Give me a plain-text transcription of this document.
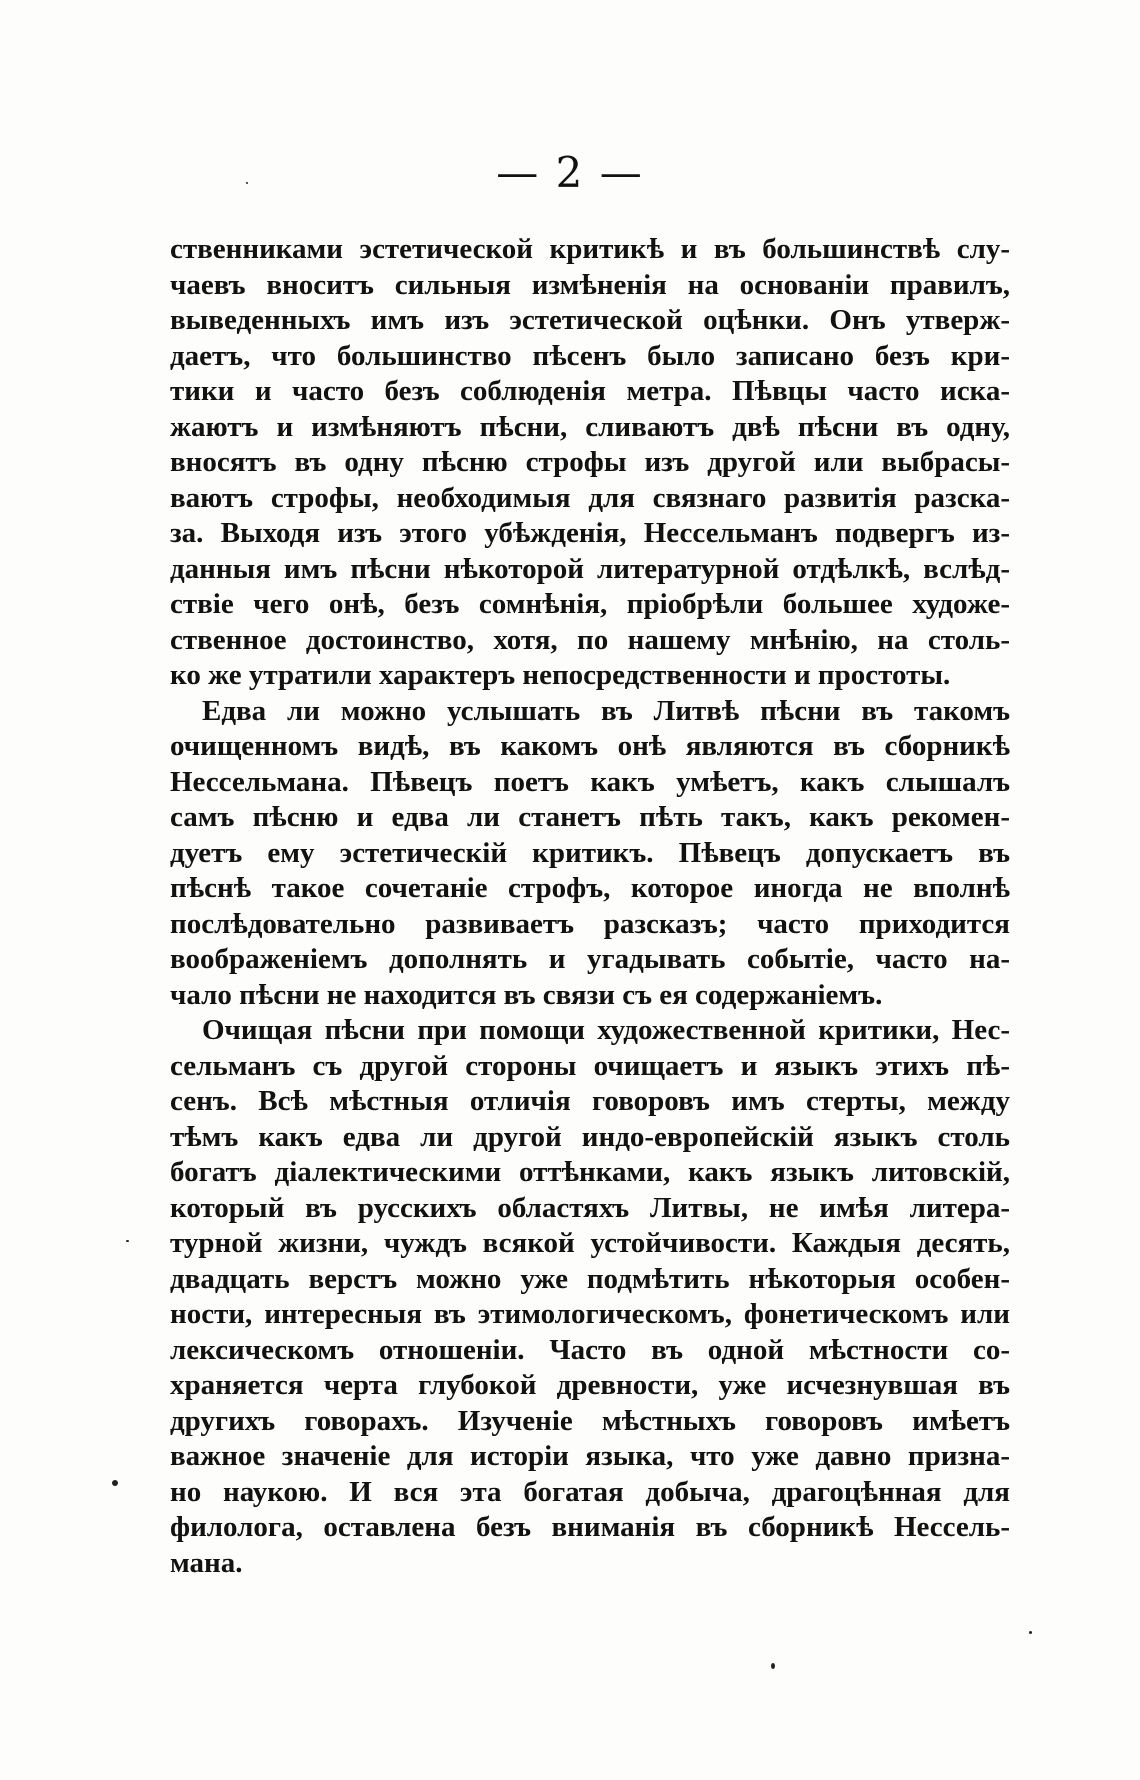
— 2 —
ственниками эстетической критикѣ и въ большинствѣ слу-
чаевъ вноситъ сильныя измѣненія на основаніи правилъ,
выведенныхъ имъ изъ эстетической оцѣнки. Онъ утверж-
даетъ, что большинство пѣсенъ было записано безъ кри-
тики и часто безъ соблюденія метра. Пѣвцы часто иска-
жаютъ и измѣняютъ пѣсни, сливаютъ двѣ пѣсни въ одну,
вносятъ въ одну пѣсню строфы изъ другой или выбрасы-
ваютъ строфы, необходимыя для связнаго развитія разска-
за. Выходя изъ этого убѣжденія, Нессельманъ подвергъ из-
данныя имъ пѣсни нѣкоторой литературной отдѣлкѣ, вслѣд-
ствіе чего онѣ, безъ сомнѣнія, пріобрѣли большее художе-
ственное достоинство, хотя, по нашему мнѣнію, на столь-
ко же утратили характеръ непосредственности и простоты.
Едва ли можно услышать въ Литвѣ пѣсни въ такомъ
очищенномъ видѣ, въ какомъ онѣ являются въ сборникѣ
Нессельмана. Пѣвецъ поетъ какъ умѣетъ, какъ слышалъ
самъ пѣсню и едва ли станетъ пѣть такъ, какъ рекомен-
дуетъ ему эстетическій критикъ. Пѣвецъ допускаетъ въ
пѣснѣ такое сочетаніе строфъ, которое иногда не вполнѣ
послѣдовательно развиваетъ разсказъ; часто приходится
воображеніемъ дополнять и угадывать событіе, часто на-
чало пѣсни не находится въ связи съ ея содержаніемъ.
Очищая пѣсни при помощи художественной критики, Нес-
сельманъ съ другой стороны очищаетъ и языкъ этихъ пѣ-
сенъ. Всѣ мѣстныя отличія говоровъ имъ стерты, между
тѣмъ какъ едва ли другой индо-европейскій языкъ столь
богатъ діалектическими оттѣнками, какъ языкъ литовскій,
который въ русскихъ областяхъ Литвы, не имѣя литера-
турной жизни, чуждъ всякой устойчивости. Каждыя десять,
двадцать верстъ можно уже подмѣтить нѣкоторыя особен-
ности, интересныя въ этимологическомъ, фонетическомъ или
лексическомъ отношеніи. Часто въ одной мѣстности со-
храняется черта глубокой древности, уже исчезнувшая въ
другихъ говорахъ. Изученіе мѣстныхъ говоровъ имѣетъ
важное значеніе для исторіи языка, что уже давно призна-
но наукою. И вся эта богатая добыча, драгоцѣнная для
филолога, оставлена безъ вниманія въ сборникѣ Нессель-
мана.
